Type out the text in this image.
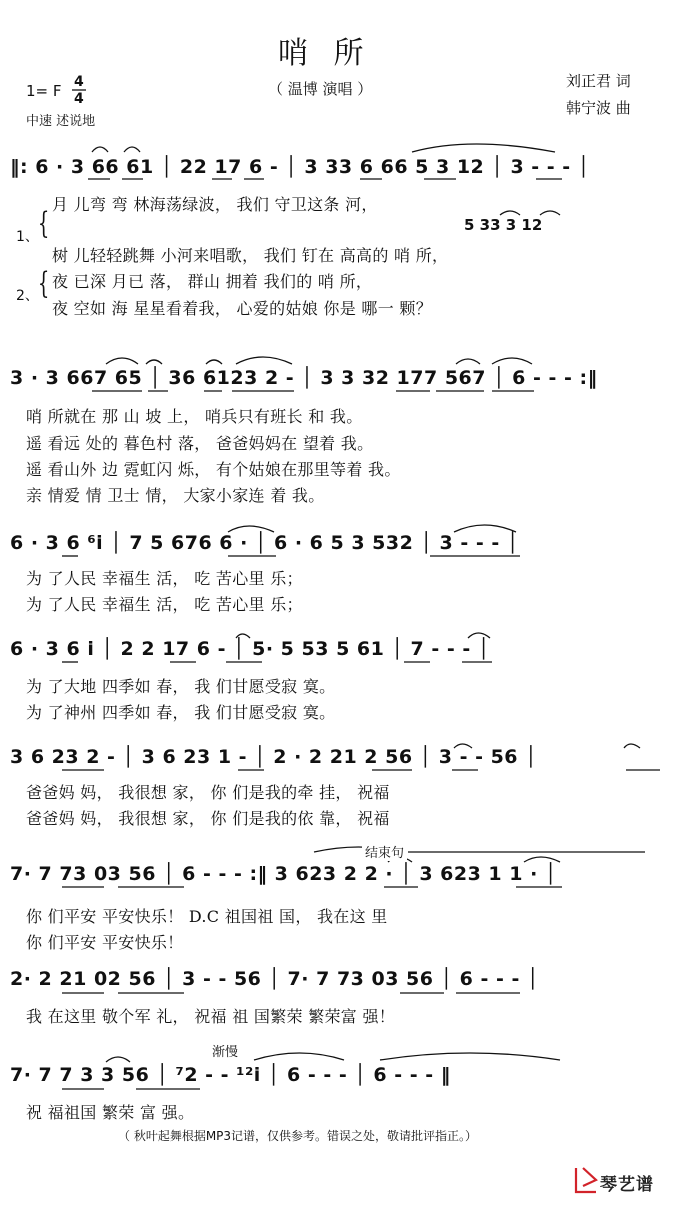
哨 所
（ 温博 演唱 ）
1= F 4
4
中速 述说地
刘正君 词
韩宁波 曲
1、
{
2、
{
‖: 6 · 3 66 61 │ 22 17 6 - │ 3 33 6 66 5 3 12 │ 3 - - - │
5 33 3 12
月 儿弯 弯 林海荡绿波， 我们 守卫这条 河，
树 儿轻轻跳舞 小河来唱歌， 我们 钉在 高高的 哨 所，
夜 已深 月已 落， 群山 拥着 我们的 哨 所，
夜 空如 海 星星看着我， 心爱的姑娘 你是 哪一 颗？
3 · 3 667 65 │ 36 6123 2 - │ 3 3 32 177 567 │ 6 - - - :‖
哨 所就在 那 山 坡 上， 哨兵只有班长 和 我。
遥 看远 处的 暮色村 落， 爸爸妈妈在 望着 我。
遥 看山外 边 霓虹闪 烁， 有个姑娘在那里等着 我。
亲 情爱 情 卫士 情， 大家小家连 着 我。
6 · 3 6 ⁶i │ 7 5 676 6 · │ 6 · 6 5 3 532 │ 3 - - - │
为 了人民 幸福生 活， 吃 苦心里 乐；
为 了人民 幸福生 活， 吃 苦心里 乐；
6 · 3 6 i │ 2 2 17 6 - │ 5· 5 53 5 61 │ 7 - - - │
为 了大地 四季如 春， 我 们甘愿受寂 寞。
为 了神州 四季如 春， 我 们甘愿受寂 寞。
3 6 23 2 - │ 3 6 23 1 - │ 2 · 2 21 2 56 │ 3 - - 56 │
爸爸妈 妈， 我很想 家， 你 们是我的牵 挂， 祝福
爸爸妈 妈， 我很想 家， 你 们是我的依 靠， 祝福
结束句
7· 7 73 03 56 │ 6 - - - :‖ 3 623 2 2 · │ 3 623 1 1 · │
你 们平安 平安快乐！ D.C 祖国祖 国， 我在这 里
你 们平安 平安快乐！
2· 2 21 02 56 │ 3 - - 56 │ 7· 7 73 03 56 │ 6 - - - │
我 在这里 敬个军 礼， 祝福 祖 国繁荣 繁荣富 强！
渐慢
7· 7 7 3 3 56 │ ⁷2 - - ¹²i │ 6 - - - │ 6 - - - ‖
祝 福祖国 繁荣 富 强。
（ 秋叶起舞根据MP3记谱，仅供参考。错误之处，敬请批评指正。）
琴艺谱
